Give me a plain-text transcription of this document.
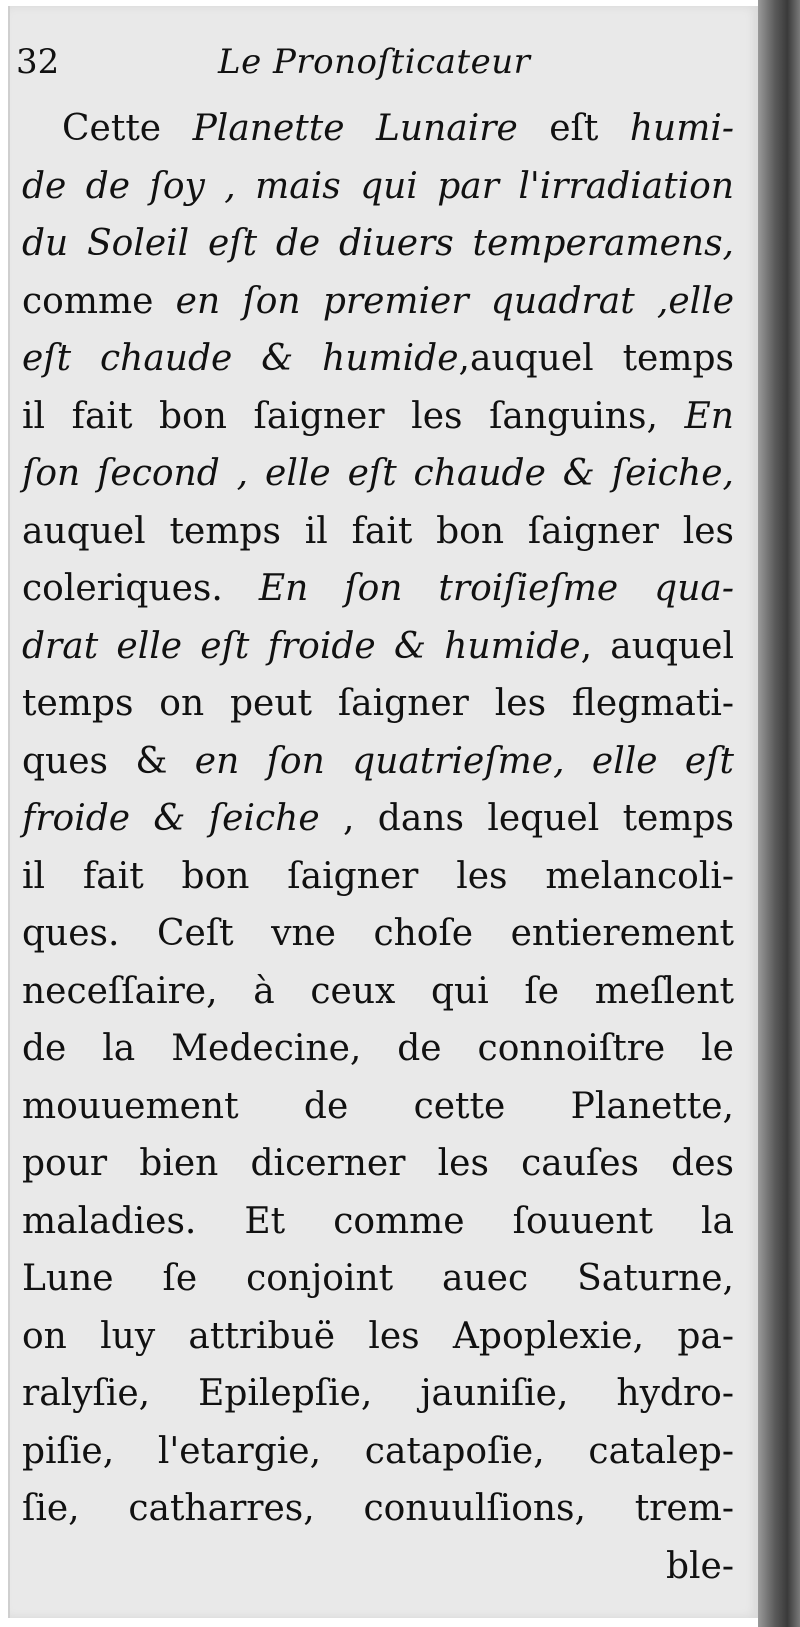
32	Le Pronoſticateur
Cette Planette Lunaire eſt humi-
de de ſoy , mais qui par l'irradiation
du Soleil eſt de diuers temperamens,
comme en ſon premier quadrat ,elle
eſt chaude & humide,auquel temps
il fait bon ſaigner les ſanguins, En
ſon ſecond , elle eſt chaude & ſeiche,
auquel temps il fait bon ſaigner les
coleriques. En ſon troiſieſme qua-
drat elle eſt froide & humide, auquel
temps on peut ſaigner les flegmati-
ques & en ſon quatrieſme, elle eſt
froide & ſeiche , dans lequel temps
il fait bon ſaigner les melancoli-
ques. Ceſt vne choſe entierement
neceſſaire, à ceux qui ſe meſlent
de la Medecine, de connoiſtre le
mouuement de cette Planette,
pour bien dicerner les cauſes des
maladies. Et comme ſouuent la
Lune ſe conjoint auec Saturne,
on luy attribuë les Apoplexie, pa-
ralyſie, Epilepſie, jauniſie, hydro-
piſie, l'etargie, catapoſie, catalep-
ſie, catharres, conuulſions, trem-
ble-
